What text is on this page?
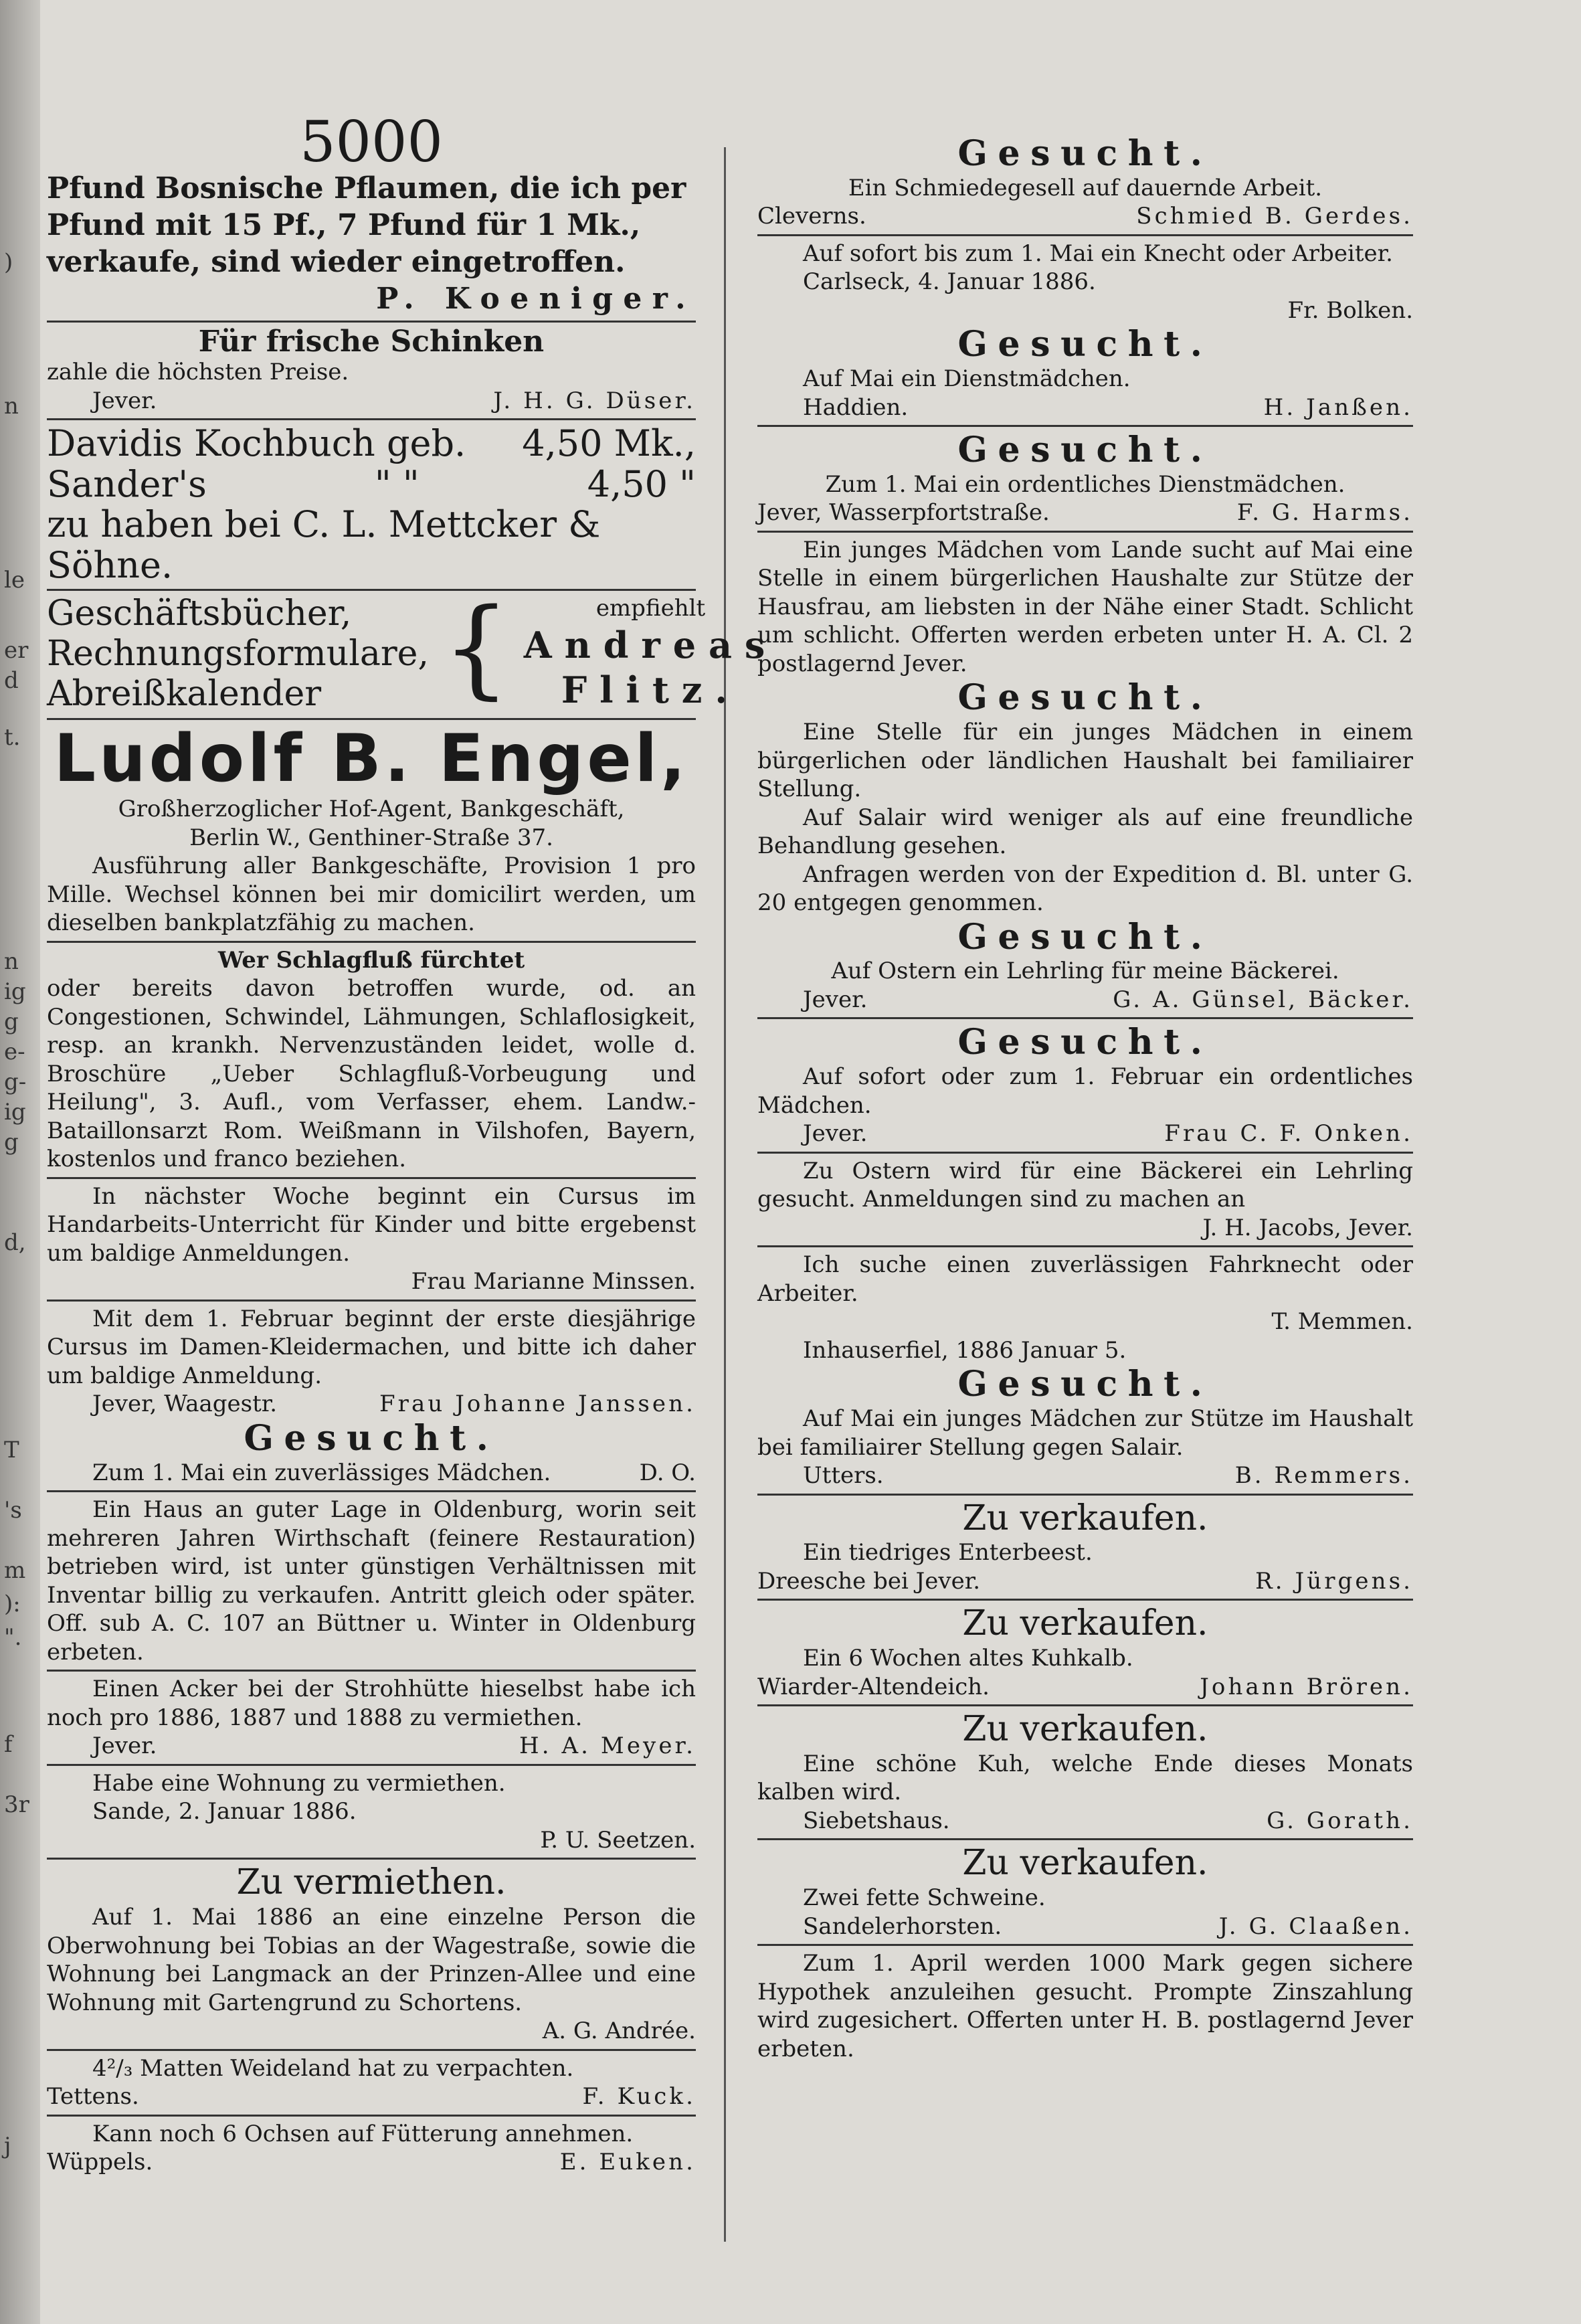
)
n
le
er
d
t.
n
ig
g
e-
g-
ig
g
d,
T
's
m
):
".
f
3r
j
5000
Pfund Bosnische Pflaumen, die ich per
Pfund mit 15 Pf., 7 Pfund für 1 Mk.,
verkaufe, sind wieder eingetroffen.
P. Koeniger.
Für frische Schinken
zahle die höchsten Preise.
Jever.	J. H. G. Düser.
Davidis Kochbuch geb. 4,50 Mk.,
Sander's	" "	4,50 "
zu haben bei C. L. Mettcker & Söhne.
Geschäftsbücher,
Rechnungsformulare,
Abreißkalender	{	empfiehlt
Andreas
Flitz.
Ludolf B. Engel,
Großherzoglicher Hof-Agent, Bankgeschäft,
Berlin W., Genthiner-Straße 37.
Ausführung aller Bankgeschäfte, Provision 1 pro Mille. Wechsel können bei mir domicilirt werden, um dieselben bankplatzfähig zu machen.
Wer Schlagfluß fürchtet
oder bereits davon betroffen wurde, od. an Congestionen, Schwindel, Lähmungen, Schlaflosigkeit, resp. an krankh. Nervenzuständen leidet, wolle d. Broschüre „Ueber Schlagfluß-Vorbeugung und Heilung", 3. Aufl., vom Verfasser, ehem. Landw.-Bataillonsarzt Rom. Weißmann in Vilshofen, Bayern, kostenlos und franco beziehen.
In nächster Woche beginnt ein Cursus im Handarbeits-Unterricht für Kinder und bitte ergebenst um baldige Anmeldungen.
Frau Marianne Minssen.
Mit dem 1. Februar beginnt der erste diesjährige Cursus im Damen-Kleidermachen, und bitte ich daher um baldige Anmeldung.
Jever, Waagestr.	Frau Johanne Janssen.
Gesucht.
Zum 1. Mai ein zuverlässiges Mädchen.	D. O.
Ein Haus an guter Lage in Oldenburg, worin seit mehreren Jahren Wirthschaft (feinere Restauration) betrieben wird, ist unter günstigen Verhältnissen mit Inventar billig zu verkaufen. Antritt gleich oder später. Off. sub A. C. 107 an Büttner u. Winter in Oldenburg erbeten.
Einen Acker bei der Strohhütte hieselbst habe ich noch pro 1886, 1887 und 1888 zu vermiethen.
Jever.	H. A. Meyer.
Habe eine Wohnung zu vermiethen.
Sande, 2. Januar 1886.
P. U. Seetzen.
Zu vermiethen.
Auf 1. Mai 1886 an eine einzelne Person die Oberwohnung bei Tobias an der Wagestraße, sowie die Wohnung bei Langmack an der Prinzen-Allee und eine Wohnung mit Gartengrund zu Schortens.
A. G. Andrée.
4²/₃ Matten Weideland hat zu verpachten.
Tettens.	F. Kuck.
Kann noch 6 Ochsen auf Fütterung annehmen.
Wüppels.	E. Euken.
Gesucht.
Ein Schmiedegesell auf dauernde Arbeit.
Cleverns.	Schmied B. Gerdes.
Auf sofort bis zum 1. Mai ein Knecht oder Arbeiter.
Carlseck, 4. Januar 1886.
Fr. Bolken.
Gesucht.
Auf Mai ein Dienstmädchen.
Haddien.	H. Janßen.
Gesucht.
Zum 1. Mai ein ordentliches Dienstmädchen.
Jever, Wasserpfortstraße.	F. G. Harms.
Ein junges Mädchen vom Lande sucht auf Mai eine Stelle in einem bürgerlichen Haushalte zur Stütze der Hausfrau, am liebsten in der Nähe einer Stadt. Schlicht um schlicht. Offerten werden erbeten unter H. A. Cl. 2 postlagernd Jever.
Gesucht.
Eine Stelle für ein junges Mädchen in einem bürgerlichen oder ländlichen Haushalt bei familiairer Stellung.
Auf Salair wird weniger als auf eine freundliche Behandlung gesehen.
Anfragen werden von der Expedition d. Bl. unter G. 20 entgegen genommen.
Gesucht.
Auf Ostern ein Lehrling für meine Bäckerei.
Jever.	G. A. Günsel, Bäcker.
Gesucht.
Auf sofort oder zum 1. Februar ein ordentliches Mädchen.
Jever.	Frau C. F. Onken.
Zu Ostern wird für eine Bäckerei ein Lehrling gesucht. Anmeldungen sind zu machen an
J. H. Jacobs, Jever.
Ich suche einen zuverlässigen Fahrknecht oder Arbeiter.
T. Memmen.
Inhauserfiel, 1886 Januar 5.
Gesucht.
Auf Mai ein junges Mädchen zur Stütze im Haushalt bei familiairer Stellung gegen Salair.
Utters.	B. Remmers.
Zu verkaufen.
Ein tiedriges Enterbeest.
Dreesche bei Jever.	R. Jürgens.
Zu verkaufen.
Ein 6 Wochen altes Kuhkalb.
Wiarder-Altendeich.	Johann Brören.
Zu verkaufen.
Eine schöne Kuh, welche Ende dieses Monats kalben wird.
Siebetshaus.	G. Gorath.
Zu verkaufen.
Zwei fette Schweine.
Sandelerhorsten.	J. G. Claaßen.
Zum 1. April werden 1000 Mark gegen sichere Hypothek anzuleihen gesucht. Prompte Zinszahlung wird zugesichert. Offerten unter H. B. postlagernd Jever erbeten.
